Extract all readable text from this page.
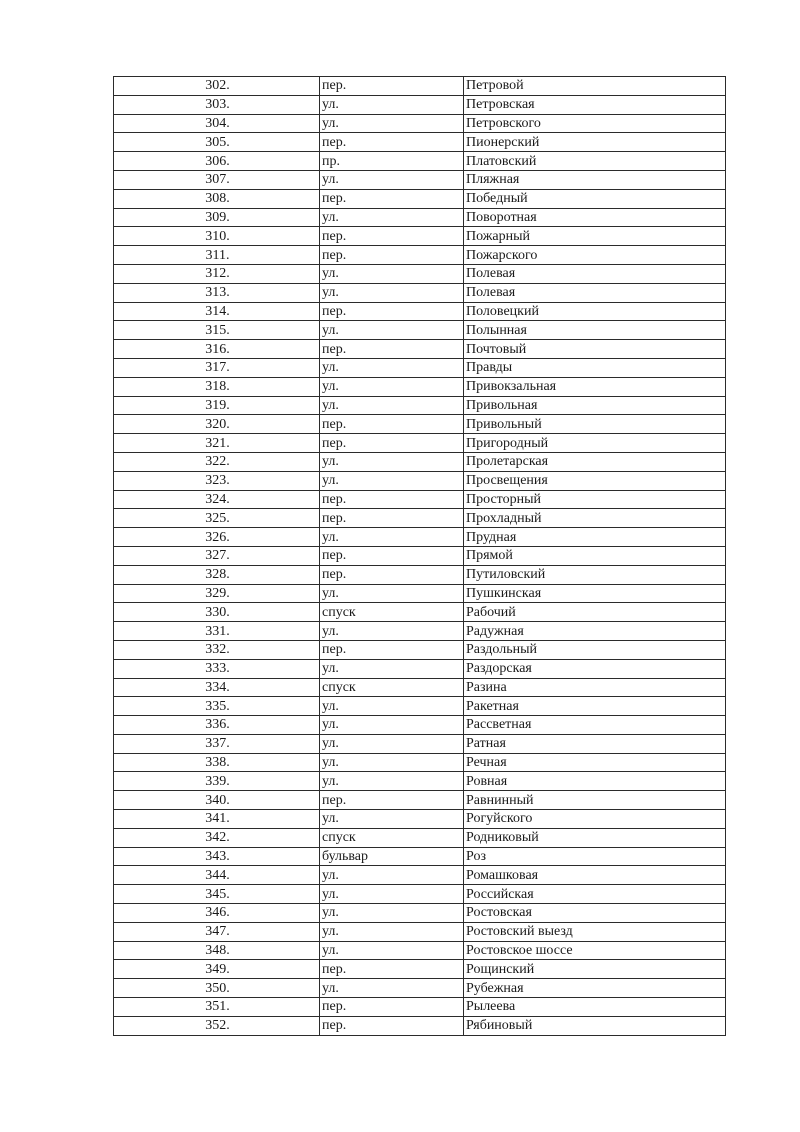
302.	пер.	Петровой
303.	ул.	Петровская
304.	ул.	Петровского
305.	пер.	Пионерский
306.	пр.	Платовский
307.	ул.	Пляжная
308.	пер.	Победный
309.	ул.	Поворотная
310.	пер.	Пожарный
311.	пер.	Пожарского
312.	ул.	Полевая
313.	ул.	Полевая
314.	пер.	Половецкий
315.	ул.	Полынная
316.	пер.	Почтовый
317.	ул.	Правды
318.	ул.	Привокзальная
319.	ул.	Привольная
320.	пер.	Привольный
321.	пер.	Пригородный
322.	ул.	Пролетарская
323.	ул.	Просвещения
324.	пер.	Просторный
325.	пер.	Прохладный
326.	ул.	Прудная
327.	пер.	Прямой
328.	пер.	Путиловский
329.	ул.	Пушкинская
330.	спуск	Рабочий
331.	ул.	Радужная
332.	пер.	Раздольный
333.	ул.	Раздорская
334.	спуск	Разина
335.	ул.	Ракетная
336.	ул.	Рассветная
337.	ул.	Ратная
338.	ул.	Речная
339.	ул.	Ровная
340.	пер.	Равнинный
341.	ул.	Рогуйского
342.	спуск	Родниковый
343.	бульвар	Роз
344.	ул.	Ромашковая
345.	ул.	Российская
346.	ул.	Ростовская
347.	ул.	Ростовский выезд
348.	ул.	Ростовское шоссе
349.	пер.	Рощинский
350.	ул.	Рубежная
351.	пер.	Рылеева
352.	пер.	Рябиновый
